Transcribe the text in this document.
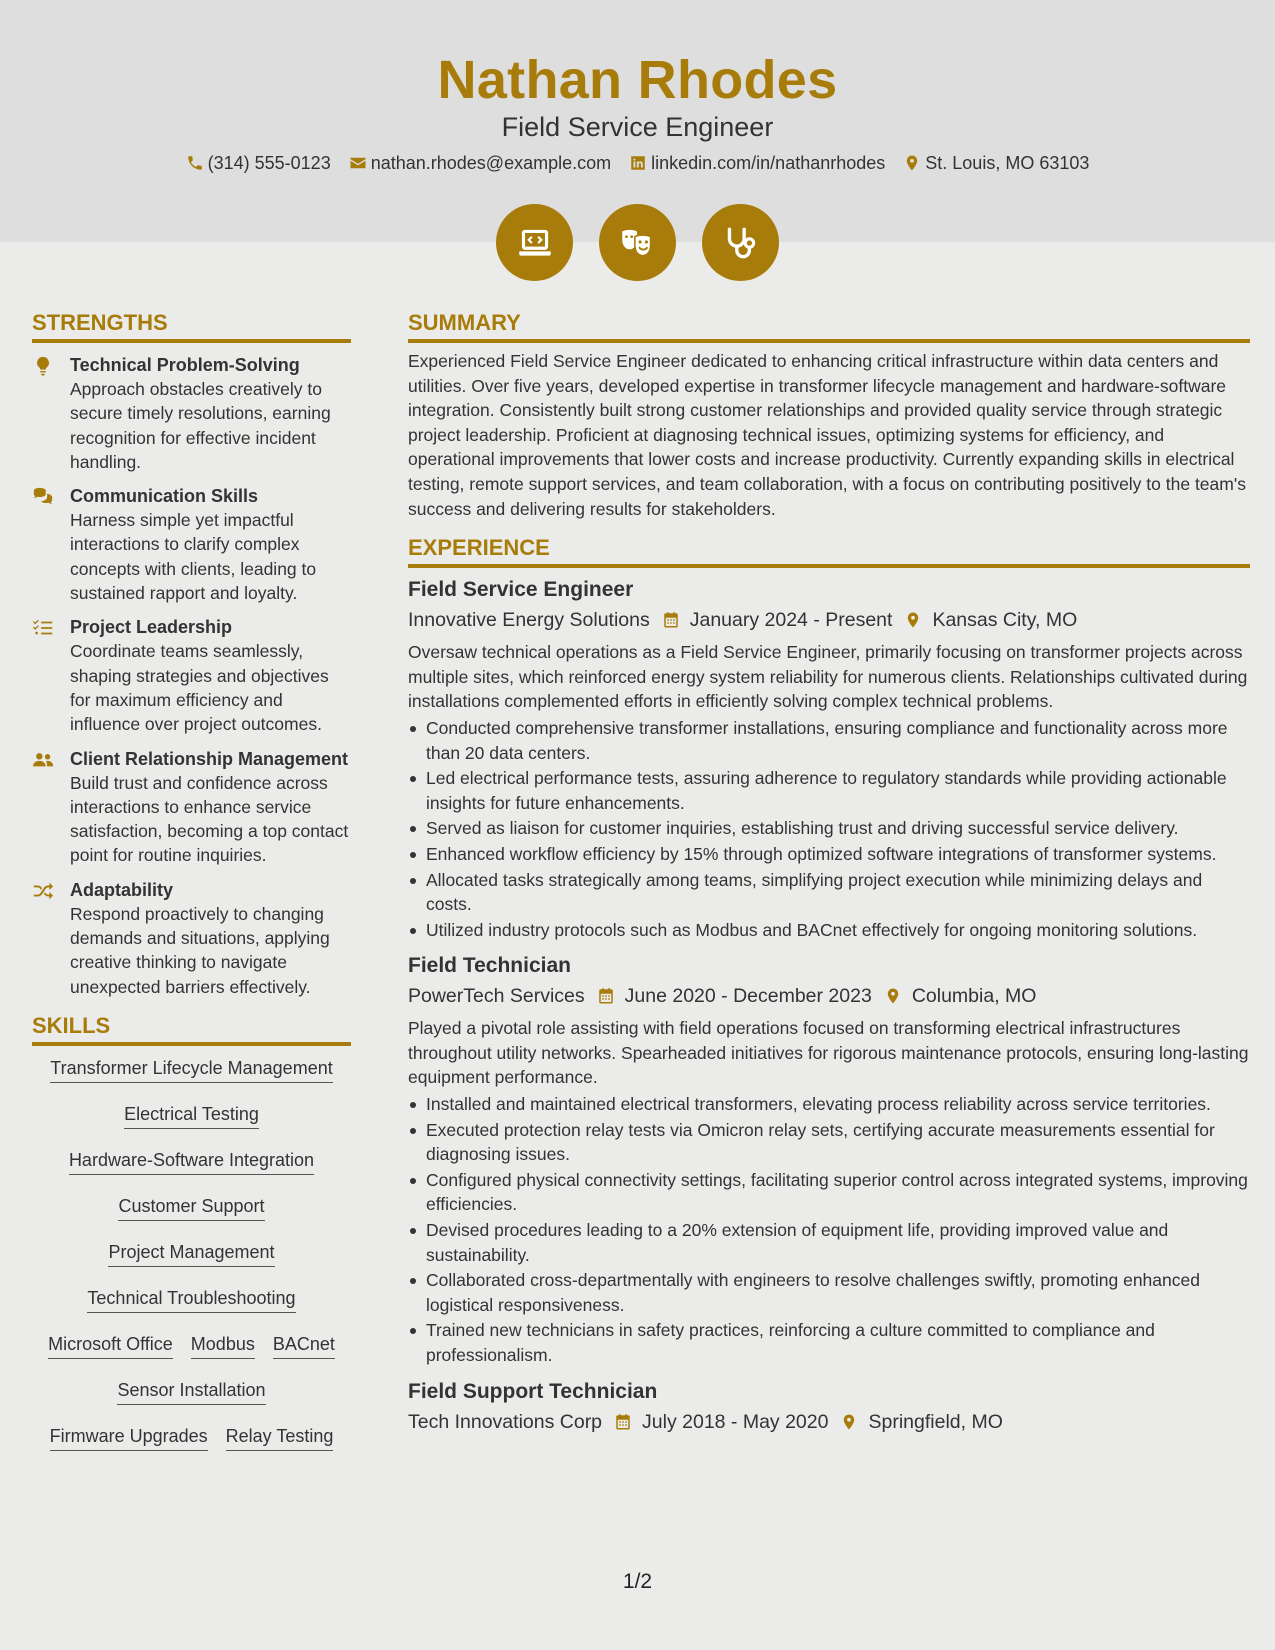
Nathan Rhodes
Field Service Engineer
(314) 555-0123 nathan.rhodes@example.com linkedin.com/in/nathanrhodes St. Louis, MO 63103
STRENGTHS
Technical Problem-Solving
Approach obstacles creatively to secure timely resolutions, earning recognition for effective incident handling.
Communication Skills
Harness simple yet impactful interactions to clarify complex concepts with clients, leading to sustained rapport and loyalty.
Project Leadership
Coordinate teams seamlessly, shaping strategies and objectives for maximum efficiency and influence over project outcomes.
Client Relationship Management
Build trust and confidence across interactions to enhance service satisfaction, becoming a top contact point for routine inquiries.
Adaptability
Respond proactively to changing demands and situations, applying creative thinking to navigate unexpected barriers effectively.
SKILLS
Transformer Lifecycle Management
Electrical Testing
Hardware-Software Integration
Customer Support
Project Management
Technical Troubleshooting
Microsoft Office Modbus BACnet
Sensor Installation
Firmware Upgrades Relay Testing
SUMMARY

Experienced Field Service Engineer dedicated to enhancing critical infrastructure within data centers and utilities. Over five years, developed expertise in transformer lifecycle management and hardware-software integration. Consistently built strong customer relationships and provided quality service through strategic project leadership. Proficient at diagnosing technical issues, optimizing systems for efficiency, and operational improvements that lower costs and increase productivity. Currently expanding skills in electrical testing, remote support services, and team collaboration, with a focus on contributing positively to the team's success and delivering results for stakeholders.

EXPERIENCE
Field Service Engineer
Innovative Energy Solutions January 2024 - Present Kansas City, MO

Oversaw technical operations as a Field Service Engineer, primarily focusing on transformer projects across multiple sites, which reinforced energy system reliability for numerous clients. Relationships cultivated during installations complemented efforts in efficiently solving complex technical problems.

Conducted comprehensive transformer installations, ensuring compliance and functionality across more than 20 data centers.
Led electrical performance tests, assuring adherence to regulatory standards while providing actionable insights for future enhancements.
Served as liaison for customer inquiries, establishing trust and driving successful service delivery.
Enhanced workflow efficiency by 15% through optimized software integrations of transformer systems.
Allocated tasks strategically among teams, simplifying project execution while minimizing delays and costs.
Utilized industry protocols such as Modbus and BACnet effectively for ongoing monitoring solutions.
Field Technician
PowerTech Services June 2020 - December 2023 Columbia, MO

Played a pivotal role assisting with field operations focused on transforming electrical infrastructures throughout utility networks. Spearheaded initiatives for rigorous maintenance protocols, ensuring long-lasting equipment performance.

Installed and maintained electrical transformers, elevating process reliability across service territories.
Executed protection relay tests via Omicron relay sets, certifying accurate measurements essential for diagnosing issues.
Configured physical connectivity settings, facilitating superior control across integrated systems, improving efficiencies.
Devised procedures leading to a 20% extension of equipment life, providing improved value and sustainability.
Collaborated cross-departmentally with engineers to resolve challenges swiftly, promoting enhanced logistical responsiveness.
Trained new technicians in safety practices, reinforcing a culture committed to compliance and professionalism.
Field Support Technician
Tech Innovations Corp July 2018 - May 2020 Springfield, MO
1/2
